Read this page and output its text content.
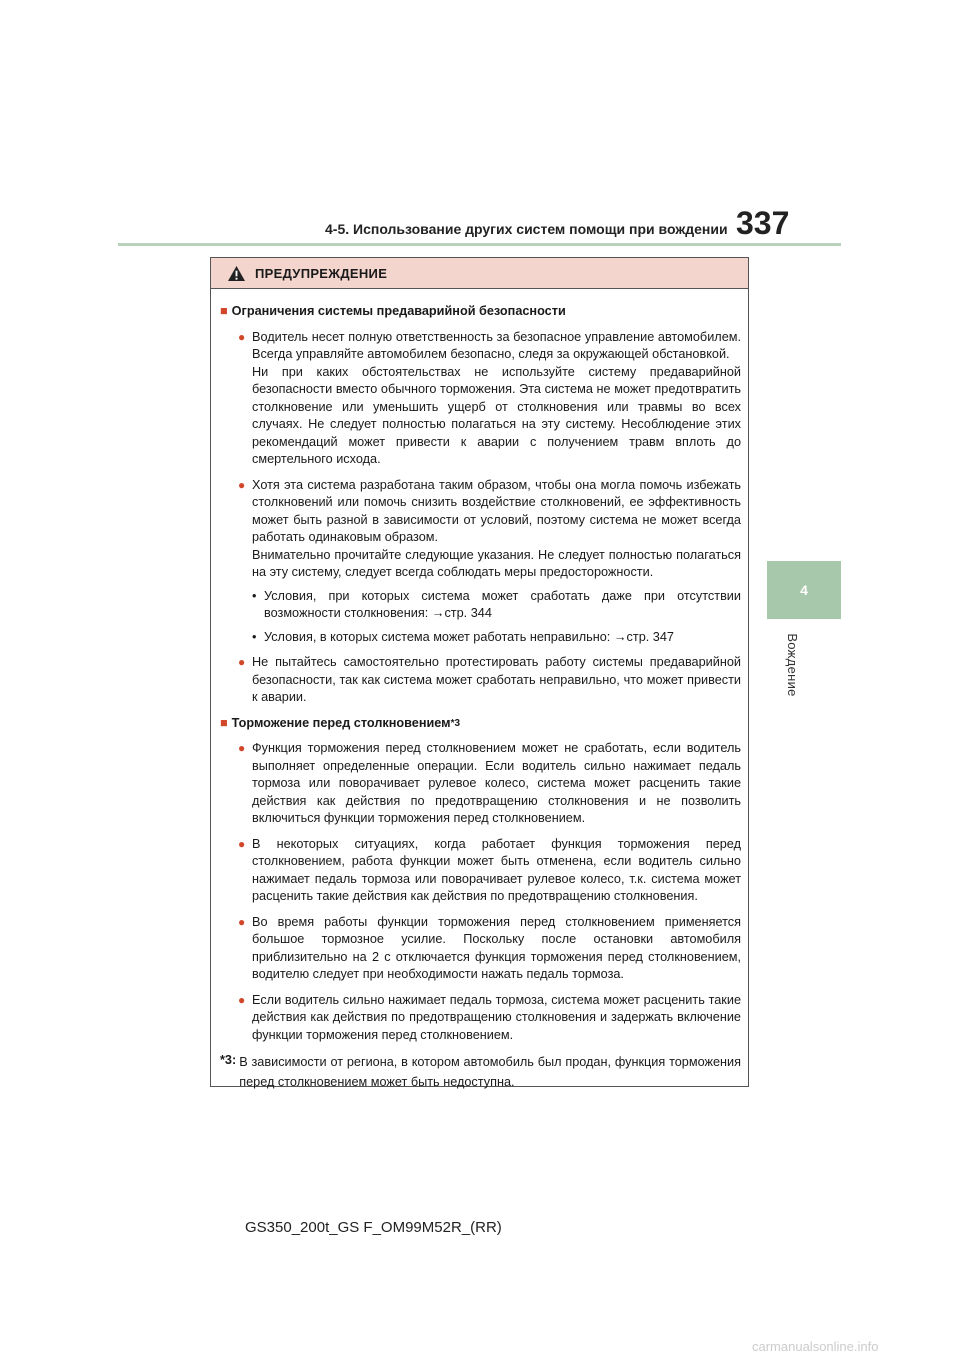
4-5. Использование других систем помощи при вождении 337
4
Вождение
ПРЕДУПРЕЖДЕНИЕ
■ Ограничения системы предаварийной безопасности
● Водитель несет полную ответственность за безопасное управление автомобилем. Всегда управляйте автомобилем безопасно, следя за окружающей обстановкой.
Ни при каких обстоятельствах не используйте систему предаварийной безопасности вместо обычного торможения. Эта система не может предотвратить столкновение или уменьшить ущерб от столкновения или травмы во всех случаях. Не следует полностью полагаться на эту систему. Несоблюдение этих рекомендаций может привести к аварии с получением травм вплоть до смертельного исхода.
● Хотя эта система разработана таким образом, чтобы она могла помочь избежать столкновений или помочь снизить воздействие столкновений, ее эффективность может быть разной в зависимости от условий, поэтому система не может всегда работать одинаковым образом.
Внимательно прочитайте следующие указания. Не следует полностью полагаться на эту систему, следует всегда соблюдать меры предосторожности.
• Условия, при которых система может сработать даже при отсутствии возможности столкновения: →стр. 344
• Условия, в которых система может работать неправильно: →стр. 347
● Не пытайтесь самостоятельно протестировать работу системы предаварийной безопасности, так как система может сработать неправильно, что может привести к аварии.
■ Торможение перед столкновением *3
● Функция торможения перед столкновением может не сработать, если водитель выполняет определенные операции. Если водитель сильно нажимает педаль тормоза или поворачивает рулевое колесо, система может расценить такие действия как действия по предотвращению столкновения и не позволить включиться функции торможения перед столкновением.
● В некоторых ситуациях, когда работает функция торможения перед столкновением, работа функции может быть отменена, если водитель сильно нажимает педаль тормоза или поворачивает рулевое колесо, т.к. система может расценить такие действия как действия по предотвращению столкновения.
● Во время работы функции торможения перед столкновением применяется большое тормозное усилие. Поскольку после остановки автомобиля приблизительно на 2 с отключается функция торможения перед столкновением, водителю следует при необходимости нажать педаль тормоза.
● Если водитель сильно нажимает педаль тормоза, система может расценить такие действия как действия по предотвращению столкновения и задержать включение функции торможения перед столкновением.
*3: В зависимости от региона, в котором автомобиль был продан, функция торможения перед столкновением может быть недоступна.
GS350_200t_GS F_OM99M52R_(RR)
carmanualsonline.info
